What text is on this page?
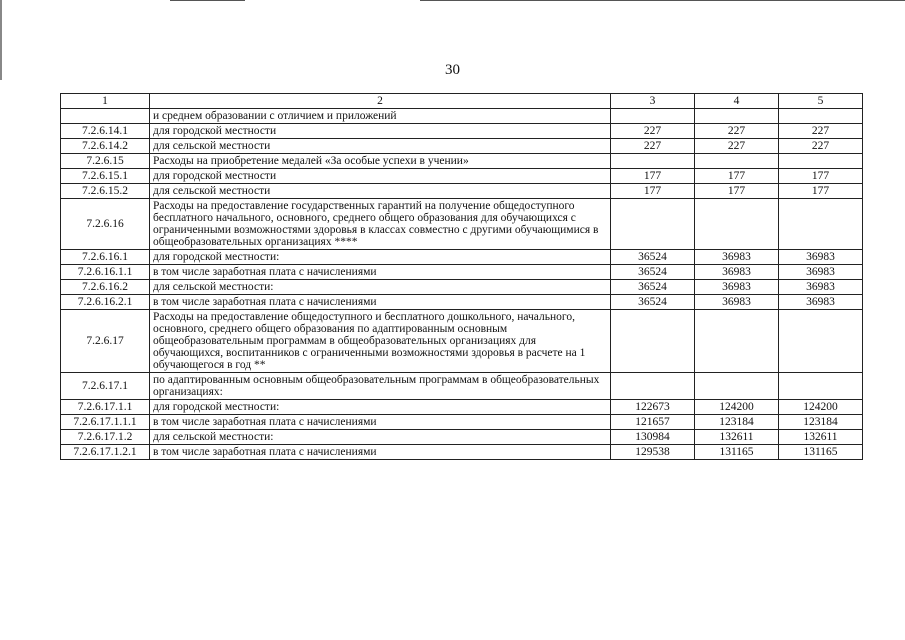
30
1	2	3	4	5
	и среднем образовании с отличием и приложений			
7.2.6.14.1	для городской местности	227	227	227
7.2.6.14.2	для сельской местности	227	227	227
7.2.6.15	Расходы на приобретение медалей «За особые успехи в учении»			
7.2.6.15.1	для городской местности	177	177	177
7.2.6.15.2	для сельской местности	177	177	177
7.2.6.16	Расходы на предоставление государственных гарантий на получение общедоступного бесплатного начального, основного, среднего общего образования для обучающихся с ограниченными возможностями здоровья в классах совместно с другими обучающимися в общеобразовательных организациях ****			
7.2.6.16.1	для городской местности:	36524	36983	36983
7.2.6.16.1.1	в том числе заработная плата с начислениями	36524	36983	36983
7.2.6.16.2	для сельской местности:	36524	36983	36983
7.2.6.16.2.1	в том числе заработная плата с начислениями	36524	36983	36983
7.2.6.17	Расходы на предоставление общедоступного и бесплатного дошкольного, начального, основного, среднего общего образования по адаптированным основным общеобразовательным программам в общеобразовательных организациях для обучающихся, воспитанников с ограниченными возможностями здоровья в расчете на 1 обучающегося в год **			
7.2.6.17.1	по адаптированным основным общеобразовательным программам в общеобразовательных организациях:			
7.2.6.17.1.1	для городской местности:	122673	124200	124200
7.2.6.17.1.1.1	в том числе заработная плата с начислениями	121657	123184	123184
7.2.6.17.1.2	для сельской местности:	130984	132611	132611
7.2.6.17.1.2.1	в том числе заработная плата с начислениями	129538	131165	131165
